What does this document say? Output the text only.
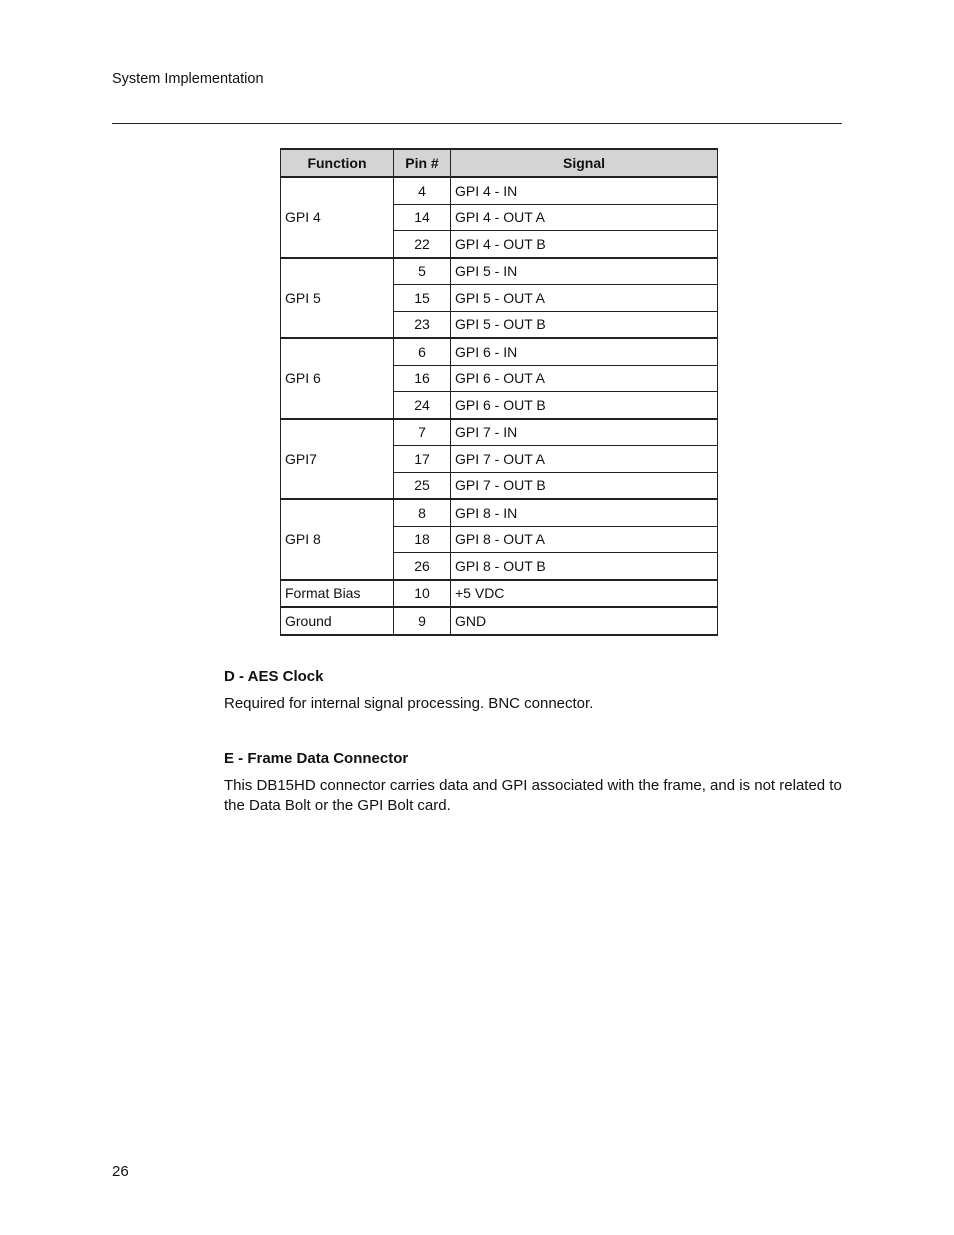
System Implementation
Function	Pin #	Signal
GPI 4	4	GPI 4 - IN
	14	GPI 4 - OUT A
	22	GPI 4 - OUT B
GPI 5	5	GPI 5 - IN
	15	GPI 5 - OUT A
	23	GPI 5 - OUT B
GPI 6	6	GPI 6 - IN
	16	GPI 6 - OUT A
	24	GPI 6 - OUT B
GPI7	7	GPI 7 - IN
	17	GPI 7 - OUT A
	25	GPI 7 - OUT B
GPI 8	8	GPI 8 - IN
	18	GPI 8 - OUT A
	26	GPI 8 - OUT B
Format Bias	10	+5 VDC
Ground	9	GND
D - AES Clock
Required for internal signal processing. BNC connector.
E - Frame Data Connector
This DB15HD connector carries data and GPI associated with the frame, and is not related to the Data Bolt or the GPI Bolt card.
26
